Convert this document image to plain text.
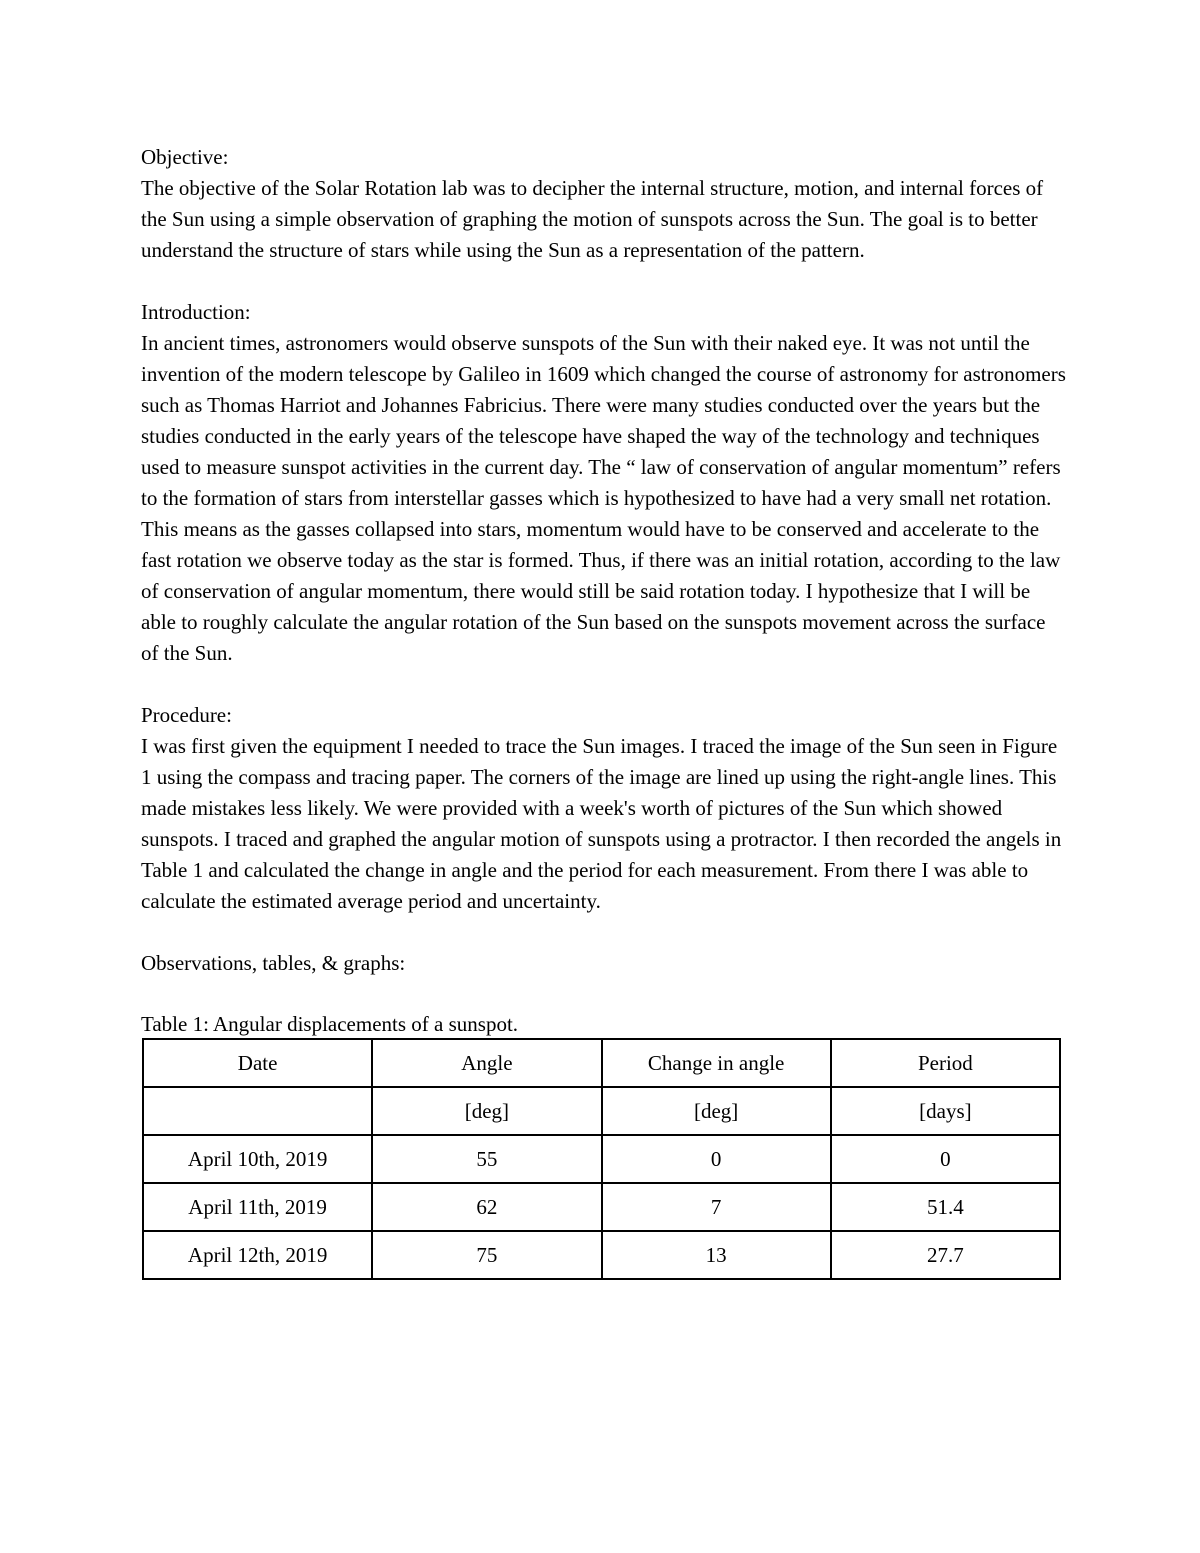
Objective:

The objective of the Solar Rotation lab was to decipher the internal structure, motion, and internal forces of the Sun using a simple observation of graphing the motion of sunspots across the Sun. The goal is to better understand the structure of stars while using the Sun as a representation of the pattern.

Introduction:

In ancient times, astronomers would observe sunspots of the Sun with their naked eye. It was not until the invention of the modern telescope by Galileo in 1609 which changed the course of astronomy for astronomers such as Thomas Harriot and Johannes Fabricius. There were many studies conducted over the years but the studies conducted in the early years of the telescope have shaped the way of the technology and techniques used to measure sunspot activities in the current day. The “ law of conservation of angular momentum” refers to the formation of stars from interstellar gasses which is hypothesized to have had a very small net rotation. This means as the gasses collapsed into stars, momentum would have to be conserved and accelerate to the fast rotation we observe today as the star is formed. Thus, if there was an initial rotation, according to the law of conservation of angular momentum, there would still be said rotation today. I hypothesize that I will be able to roughly calculate the angular rotation of the Sun based on the sunspots movement across the surface of the Sun.

Procedure:

I was first given the equipment I needed to trace the Sun images. I traced the image of the Sun seen in Figure 1 using the compass and tracing paper. The corners of the image are lined up using the right-angle lines. This made mistakes less likely. We were provided with a week's worth of pictures of the Sun which showed sunspots. I traced and graphed the angular motion of sunspots using a protractor. I then recorded the angels in Table 1 and calculated the change in angle and the period for each measurement. From there I was able to calculate the estimated average period and uncertainty.

Observations, tables, & graphs:

Table 1: Angular displacements of a sunspot.

Date	Angle	Change in angle	Period
	[deg]	[deg]	[days]
April 10th, 2019	55	0	0
April 11th, 2019	62	7	51.4
April 12th, 2019	75	13	27.7
